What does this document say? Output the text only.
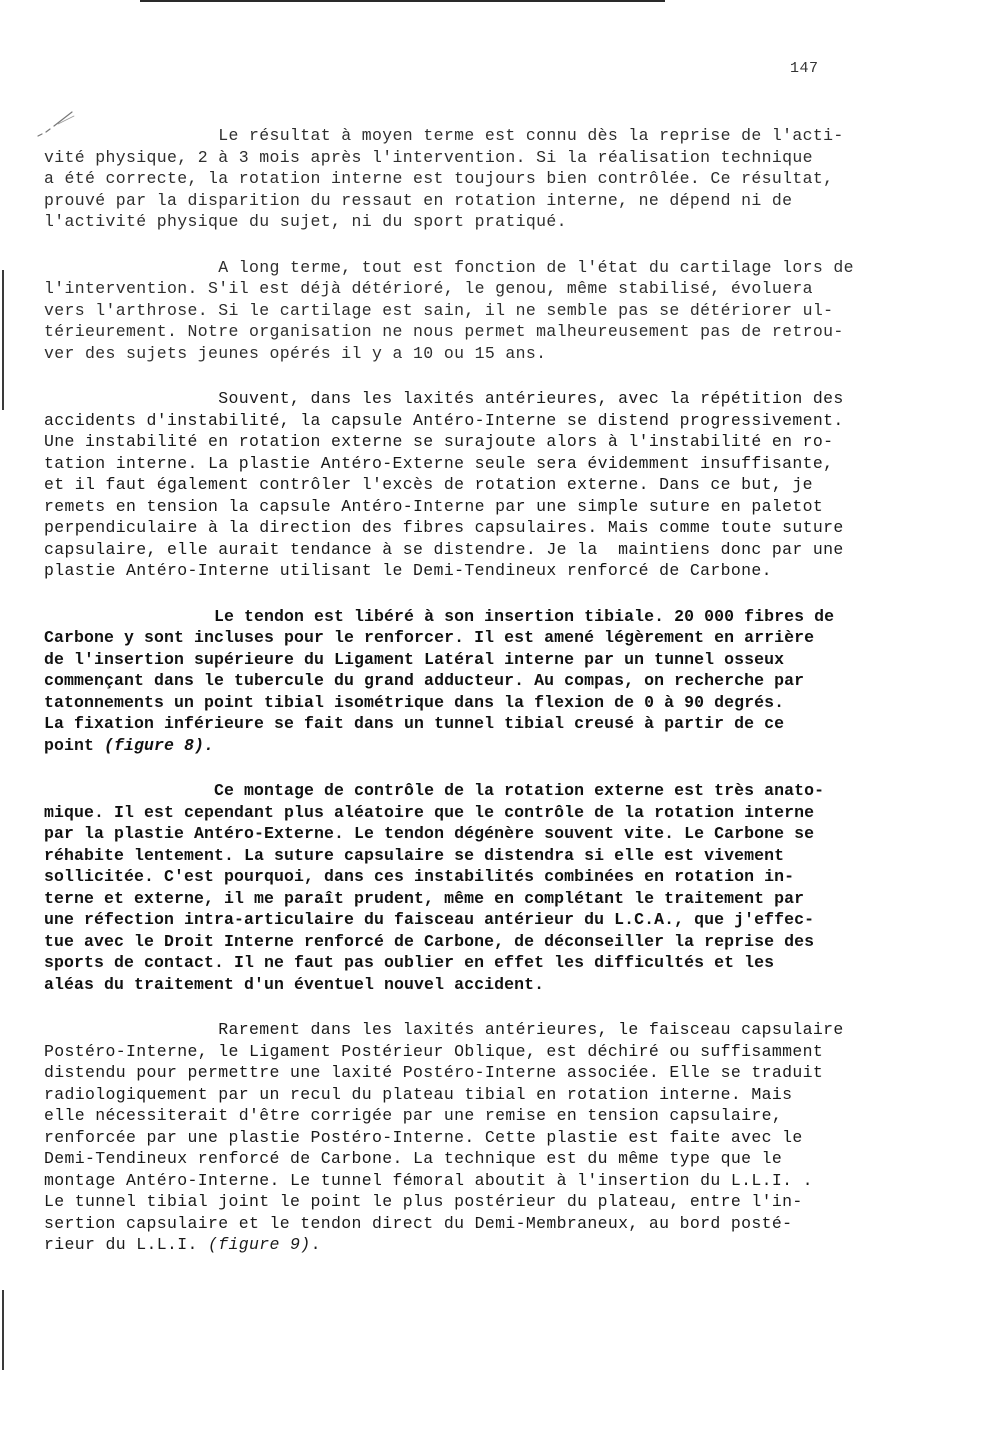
147

Le résultat à moyen terme est connu dès la reprise de l'acti-
vité physique, 2 à 3 mois après l'intervention. Si la réalisation technique
a été correcte, la rotation interne est toujours bien contrôlée. Ce résultat,
prouvé par la disparition du ressaut en rotation interne, ne dépend ni de
l'activité physique du sujet, ni du sport pratiqué.

A long terme, tout est fonction de l'état du cartilage lors de
l'intervention. S'il est déjà détérioré, le genou, même stabilisé, évoluera
vers l'arthrose. Si le cartilage est sain, il ne semble pas se détériorer ul-
térieurement. Notre organisation ne nous permet malheureusement pas de retrou-
ver des sujets jeunes opérés il y a 10 ou 15 ans.

Souvent, dans les laxités antérieures, avec la répétition des
accidents d'instabilité, la capsule Antéro-Interne se distend progressivement.
Une instabilité en rotation externe se surajoute alors à l'instabilité en ro-
tation interne. La plastie Antéro-Externe seule sera évidemment insuffisante,
et il faut également contrôler l'excès de rotation externe. Dans ce but, je
remets en tension la capsule Antéro-Interne par une simple suture en paletot
perpendiculaire à la direction des fibres capsulaires. Mais comme toute suture
capsulaire, elle aurait tendance à se distendre. Je la  maintiens donc par une
plastie Antéro-Interne utilisant le Demi-Tendineux renforcé de Carbone.

Le tendon est libéré à son insertion tibiale. 20 000 fibres de
Carbone y sont incluses pour le renforcer. Il est amené légèrement en arrière
de l'insertion supérieure du Ligament Latéral interne par un tunnel osseux
commençant dans le tubercule du grand adducteur. Au compas, on recherche par
tatonnements un point tibial isométrique dans la flexion de 0 à 90 degrés.
La fixation inférieure se fait dans un tunnel tibial creusé à partir de ce
point (figure 8).

Ce montage de contrôle de la rotation externe est très anato-
mique. Il est cependant plus aléatoire que le contrôle de la rotation interne
par la plastie Antéro-Externe. Le tendon dégénère souvent vite. Le Carbone se
réhabite lentement. La suture capsulaire se distendra si elle est vivement
sollicitée. C'est pourquoi, dans ces instabilités combinées en rotation in-
terne et externe, il me paraît prudent, même en complétant le traitement par
une réfection intra-articulaire du faisceau antérieur du L.C.A., que j'effec-
tue avec le Droit Interne renforcé de Carbone, de déconseiller la reprise des
sports de contact. Il ne faut pas oublier en effet les difficultés et les
aléas du traitement d'un éventuel nouvel accident.

Rarement dans les laxités antérieures, le faisceau capsulaire
Postéro-Interne, le Ligament Postérieur Oblique, est déchiré ou suffisamment
distendu pour permettre une laxité Postéro-Interne associée. Elle se traduit
radiologiquement par un recul du plateau tibial en rotation interne. Mais
elle nécessiterait d'être corrigée par une remise en tension capsulaire,
renforcée par une plastie Postéro-Interne. Cette plastie est faite avec le
Demi-Tendineux renforcé de Carbone. La technique est du même type que le
montage Antéro-Interne. Le tunnel fémoral aboutit à l'insertion du L.L.I. .
Le tunnel tibial joint le point le plus postérieur du plateau, entre l'in-
sertion capsulaire et le tendon direct du Demi-Membraneux, au bord posté-
rieur du L.L.I. (figure 9).
